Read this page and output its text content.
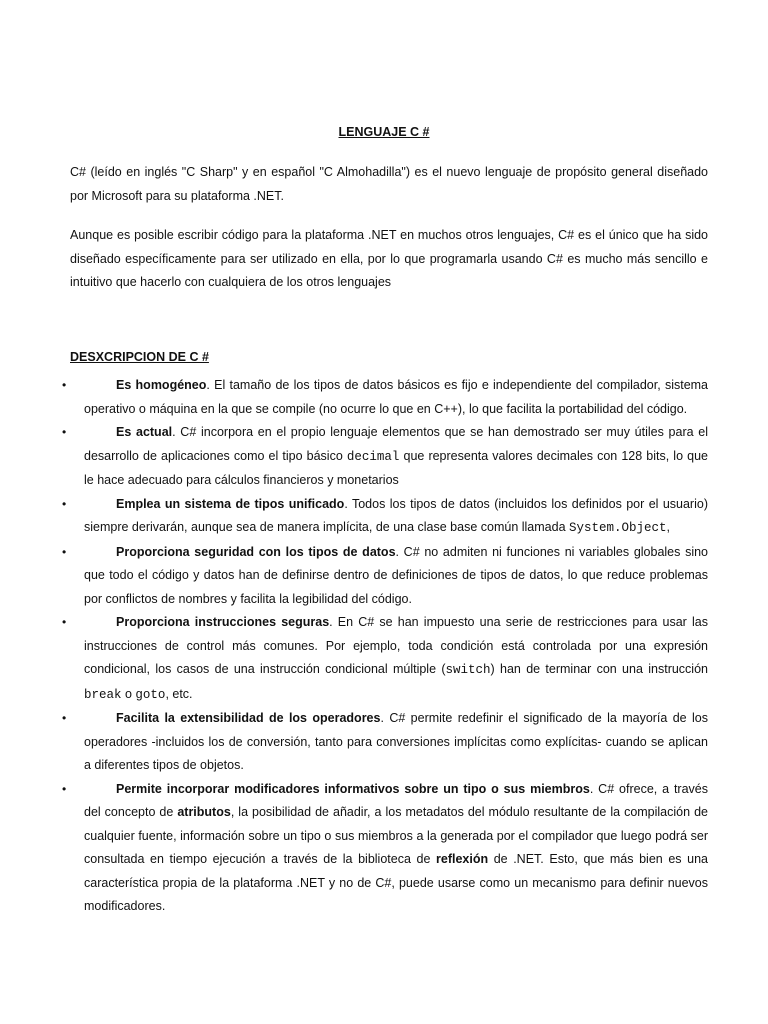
LENGUAJE C #

C# (leído en inglés "C Sharp" y en español "C Almohadilla") es el nuevo lenguaje de propósito general diseñado por Microsoft para su plataforma .NET.

Aunque es posible escribir código para la plataforma .NET en muchos otros lenguajes, C# es el único que ha sido diseñado específicamente para ser utilizado en ella, por lo que programarla usando C# es mucho más sencillo e intuitivo que hacerlo con cualquiera de los otros lenguajes

DESXCRIPCION DE C #

•	Es homogéneo. El tamaño de los tipos de datos básicos es fijo e independiente del compilador, sistema operativo o máquina en la que se compile (no ocurre lo que en C++), lo que facilita la portabilidad del código.
•	Es actual. C# incorpora en el propio lenguaje elementos que se han demostrado ser muy útiles para el desarrollo de aplicaciones como el tipo básico decimal que representa valores decimales con 128 bits, lo que le hace adecuado para cálculos financieros y monetarios
•	Emplea un sistema de tipos unificado. Todos los tipos de datos (incluidos los definidos por el usuario) siempre derivarán, aunque sea de manera implícita, de una clase base común llamada System.Object,
•	Proporciona seguridad con los tipos de datos. C# no admiten ni funciones ni variables globales sino que todo el código y datos han de definirse dentro de definiciones de tipos de datos, lo que reduce problemas por conflictos de nombres y facilita la legibilidad del código.
•	Proporciona instrucciones seguras. En C# se han impuesto una serie de restricciones para usar las instrucciones de control más comunes. Por ejemplo, toda condición está controlada por una expresión condicional, los casos de una instrucción condicional múltiple (switch) han de terminar con una instrucción break o goto, etc.
•	Facilita la extensibilidad de los operadores. C# permite redefinir el significado de la mayoría de los operadores -incluidos los de conversión, tanto para conversiones implícitas como explícitas- cuando se aplican a diferentes tipos de objetos.
•	Permite incorporar modificadores informativos sobre un tipo o sus miembros. C# ofrece, a través del concepto de atributos, la posibilidad de añadir, a los metadatos del módulo resultante de la compilación de cualquier fuente, información sobre un tipo o sus miembros a la generada por el compilador que luego podrá ser consultada en tiempo ejecución a través de la biblioteca de reflexión de .NET. Esto, que más bien es una característica propia de la plataforma .NET y no de C#, puede usarse como un mecanismo para definir nuevos modificadores.
